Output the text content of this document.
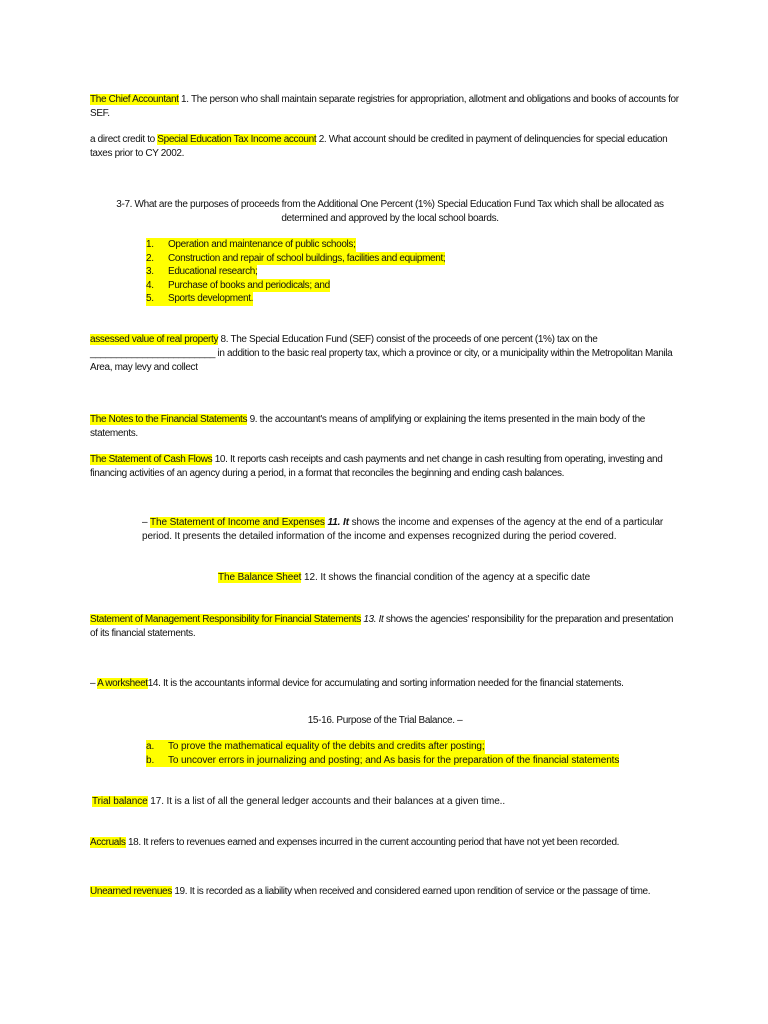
The Chief Accountant 1. The person who shall maintain separate registries for appropriation, allotment and obligations and books of accounts for SEF.
a direct credit to Special Education Tax Income account 2. What account should be credited in payment of delinquencies for special education taxes prior to CY 2002.
3-7. What are the purposes of proceeds from the Additional One Percent (1%) Special Education Fund Tax which shall be allocated as determined and approved by the local school boards.
1.	Operation and maintenance of public schools;
2.	Construction and repair of school buildings, facilities and equipment;
3.	Educational research;
4.	Purchase of books and periodicals; and
5.	Sports development.
assessed value of real property 8. The Special Education Fund (SEF) consist of the proceeds of one percent (1%) tax on the ________________________ in addition to the basic real property tax, which a province or city, or a municipality within the Metropolitan Manila Area, may levy and collect
The Notes to the Financial Statements 9. the accountant's means of amplifying or explaining the items presented in the main body of the statements.
The Statement of Cash Flows 10. It reports cash receipts and cash payments and net change in cash resulting from operating, investing and financing activities of an agency during a period, in a format that reconciles the beginning and ending cash balances.
– The Statement of Income and Expenses 11. It shows the income and expenses of the agency at the end of a particular period. It presents the detailed information of the income and expenses recognized during the period covered.
The Balance Sheet 12. It shows the financial condition of the agency at a specific date
Statement of Management Responsibility for Financial Statements 13. It shows the agencies' responsibility for the preparation and presentation of its financial statements.
– A worksheet14. It is the accountants informal device for accumulating and sorting information needed for the financial statements.
15-16. Purpose of the Trial Balance. –
a.	To prove the mathematical equality of the debits and credits after posting;
b.	To uncover errors in journalizing and posting; and As basis for the preparation of the financial statements
Trial balance 17. It is a list of all the general ledger accounts and their balances at a given time..
Accruals 18. It refers to revenues earned and expenses incurred in the current accounting period that have not yet been recorded.
Unearned revenues 19. It is recorded as a liability when received and considered earned upon rendition of service or the passage of time.
